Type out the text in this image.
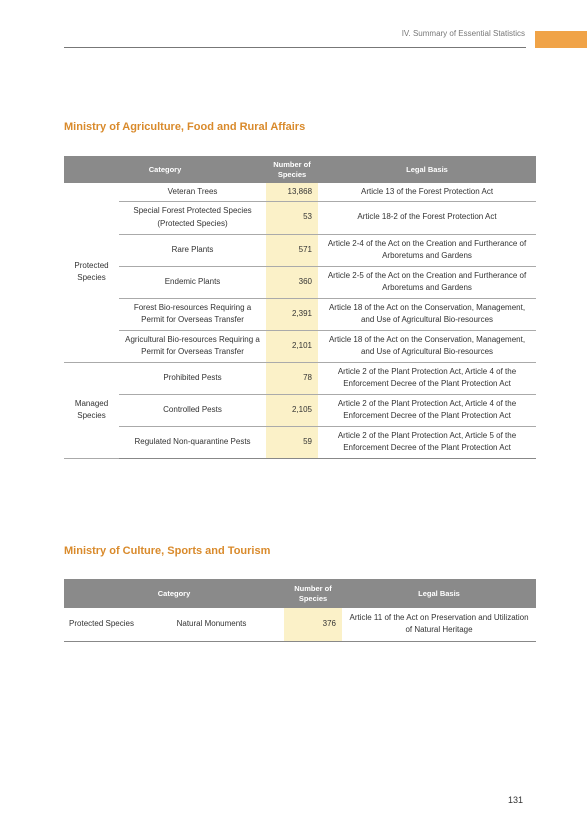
IV. Summary of Essential Statistics
Ministry of Agriculture, Food and Rural Affairs
Category		Number of Species	Legal Basis
Protected Species	Veteran Trees	13,868	Article 13 of the Forest Protection Act
	Special Forest Protected Species (Protected Species)	53	Article 18-2 of the Forest Protection Act
	Rare Plants	571	Article 2-4 of the Act on the Creation and Furtherance of Arboretums and Gardens
	Endemic Plants	360	Article 2-5 of the Act on the Creation and Furtherance of Arboretums and Gardens
	Forest Bio-resources Requiring a Permit for Overseas Transfer	2,391	Article 18 of the Act on the Conservation, Management, and Use of Agricultural Bio-resources
	Agricultural Bio-resources Requiring a Permit for Overseas Transfer	2,101	Article 18 of the Act on the Conservation, Management, and Use of Agricultural Bio-resources
Managed Species	Prohibited Pests	78	Article 2 of the Plant Protection Act, Article 4 of the Enforcement Decree of the Plant Protection Act
	Controlled Pests	2,105	Article 2 of the Plant Protection Act, Article 4 of the Enforcement Decree of the Plant Protection Act
	Regulated Non-quarantine Pests	59	Article 2 of the Plant Protection Act, Article 5 of the Enforcement Decree of the Plant Protection Act
Ministry of Culture, Sports and Tourism
Category		Number of Species	Legal Basis
Protected Species	Natural Monuments	376	Article 11 of the Act on Preservation and Utilization of Natural Heritage
131
